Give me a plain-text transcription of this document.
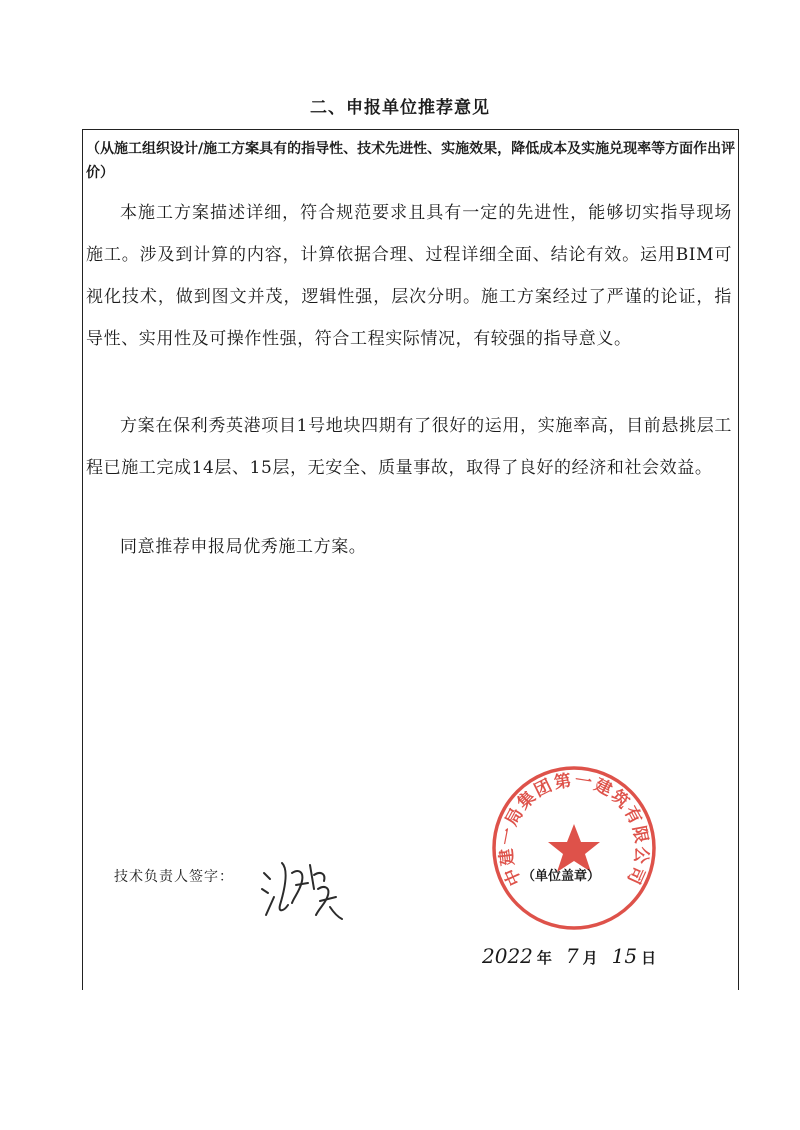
二、申报单位推荐意见
（从施工组织设计/施工方案具有的指导性、技术先进性、实施效果，降低成本及实施兑现率等方面作出评价）
本施工方案描述详细，符合规范要求且具有一定的先进性，能够切实指导现场施工。涉及到计算的内容，计算依据合理、过程详细全面、结论有效。运用BIM可视化技术，做到图文并茂，逻辑性强，层次分明。施工方案经过了严谨的论证，指导性、实用性及可操作性强，符合工程实际情况，有较强的指导意义。
方案在保利秀英港项目1号地块四期有了很好的运用，实施率高，目前悬挑层工程已施工完成14层、15层，无安全、质量事故，取得了良好的经济和社会效益。
同意推荐申报局优秀施工方案。
技术负责人签字：	中建一局集团第一建筑有限公司
（单位盖章）
2022 年 7 月 15 日
